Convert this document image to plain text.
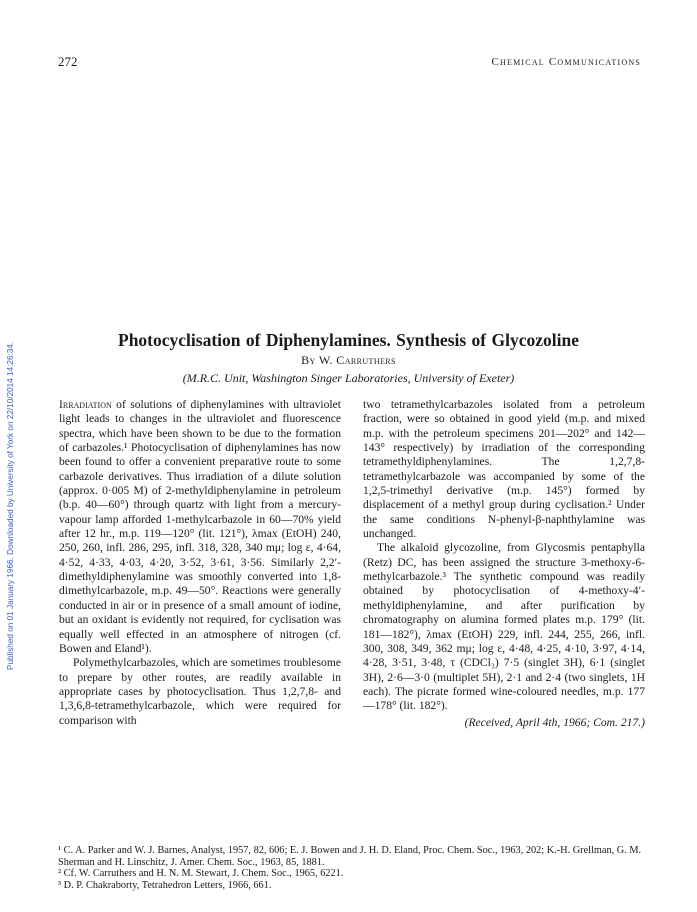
272	Chemical Communications
Published on 01 January 1966. Downloaded by University of York on 22/10/2014 14:26:34.
Photocyclisation of Diphenylamines. Synthesis of Glycozoline
By W. Carruthers
(M.R.C. Unit, Washington Singer Laboratories, University of Exeter)

Irradiation of solutions of diphenylamines with ultraviolet light leads to changes in the ultraviolet and fluorescence spectra, which have been shown to be due to the formation of carbazoles.¹ Photocyclisation of diphenylamines has now been found to offer a convenient preparative route to some carbazole derivatives. Thus irradiation of a dilute solution (approx. 0·005 M) of 2-methyldiphenylamine in petroleum (b.p. 40—60°) through quartz with light from a mercury-vapour lamp afforded 1-methylcarbazole in 60—70% yield after 12 hr., m.p. 119—120° (lit. 121°), λmax (EtOH) 240, 250, 260, infl. 286, 295, infl. 318, 328, 340 mμ; log ε, 4·64, 4·52, 4·33, 4·03, 4·20, 3·52, 3·61, 3·56. Similarly 2,2′-dimethyldiphenylamine was smoothly converted into 1,8-dimethylcarbazole, m.p. 49—50°. Reactions were generally conducted in air or in presence of a small amount of iodine, but an oxidant is evidently not required, for cyclisation was equally well effected in an atmosphere of nitrogen (cf. Bowen and Eland¹).

Polymethylcarbazoles, which are sometimes troublesome to prepare by other routes, are readily available in appropriate cases by photocyclisation. Thus 1,2,7,8- and 1,3,6,8-tetramethylcarbazole, which were required for comparison with

two tetramethylcarbazoles isolated from a petroleum fraction, were so obtained in good yield (m.p. and mixed m.p. with the petroleum specimens 201—202° and 142—143° respectively) by irradiation of the corresponding tetramethyldiphenylamines. The 1,2,7,8-tetramethylcarbazole was accompanied by some of the 1,2,5-trimethyl derivative (m.p. 145°) formed by displacement of a methyl group during cyclisation.² Under the same conditions N-phenyl-β-naphthylamine was unchanged.

The alkaloid glycozoline, from Glycosmis pentaphylla (Retz) DC, has been assigned the structure 3-methoxy-6-methylcarbazole.³ The synthetic compound was readily obtained by photocyclisation of 4-methoxy-4′-methyldiphenylamine, and after purification by chromatography on alumina formed plates m.p. 179° (lit. 181—182°), λmax (EtOH) 229, infl. 244, 255, 266, infl. 300, 308, 349, 362 mμ; log ε, 4·48, 4·25, 4·10, 3·97, 4·14, 4·28, 3·51, 3·48, τ (CDCl₃) 7·5 (singlet 3H), 6·1 (singlet 3H), 2·6—3·0 (multiplet 5H), 2·1 and 2·4 (two singlets, 1H each). The picrate formed wine-coloured needles, m.p. 177—178° (lit. 182°).

(Received, April 4th, 1966; Com. 217.)

¹ C. A. Parker and W. J. Barnes, Analyst, 1957, 82, 606; E. J. Bowen and J. H. D. Eland, Proc. Chem. Soc., 1963, 202; K.-H. Grellman, G. M. Sherman and H. Linschitz, J. Amer. Chem. Soc., 1963, 85, 1881.
² Cf. W. Carruthers and H. N. M. Stewart, J. Chem. Soc., 1965, 6221.
³ D. P. Chakraborty, Tetrahedron Letters, 1966, 661.
